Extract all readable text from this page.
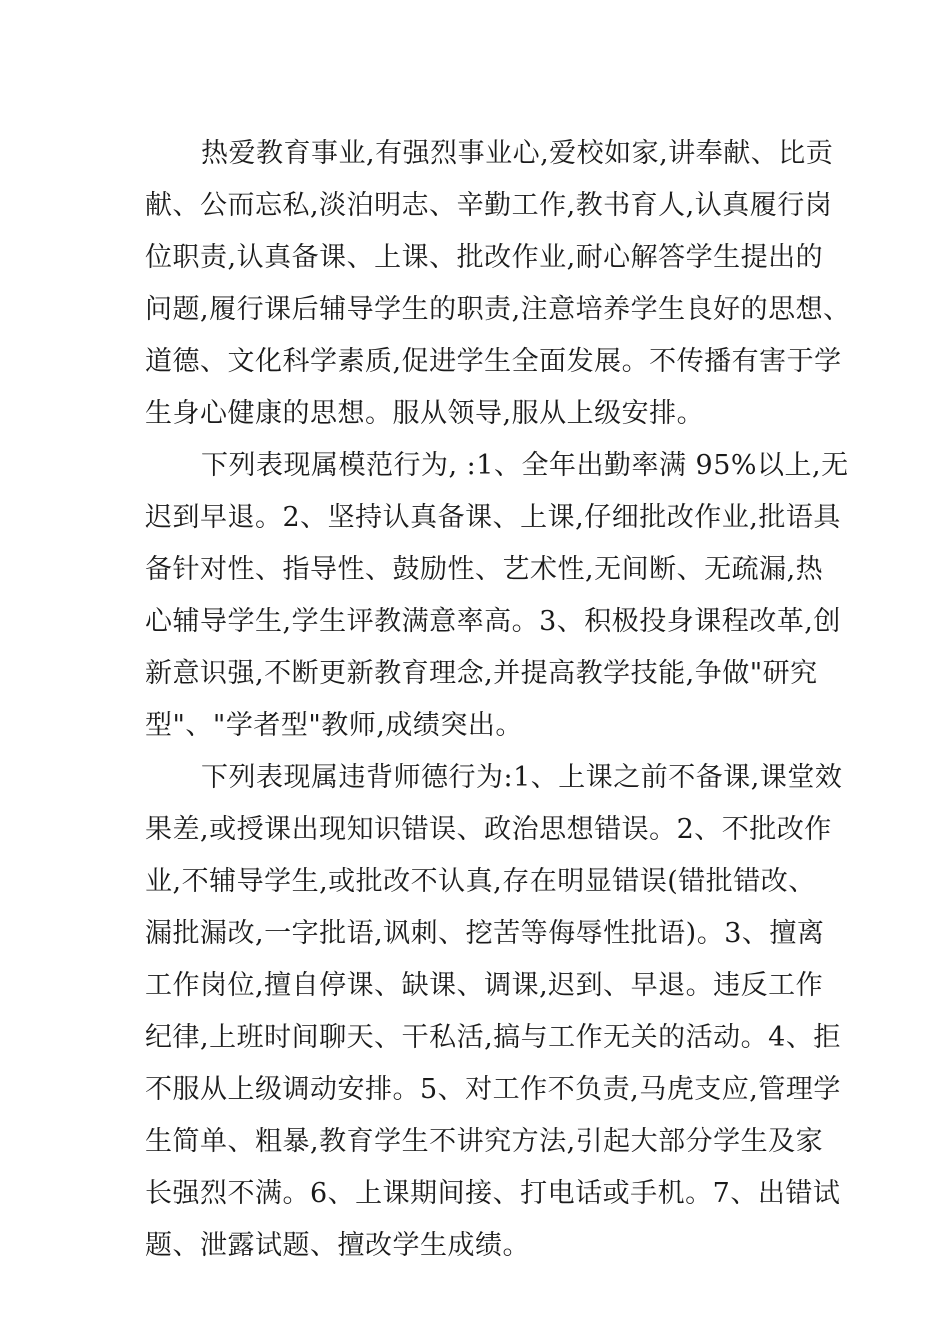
热爱教育事业,有强烈事业心,爱校如家,讲奉献、比贡
献、公而忘私,淡泊明志、辛勤工作,教书育人,认真履行岗
位职责,认真备课、上课、批改作业,耐心解答学生提出的
问题,履行课后辅导学生的职责,注意培养学生良好的思想、
道德、文化科学素质,促进学生全面发展。不传播有害于学
生身心健康的思想。服从领导,服从上级安排。
下列表现属模范行为, :1、全年出勤率满 95%以上,无
迟到早退。2、坚持认真备课、上课,仔细批改作业,批语具
备针对性、指导性、鼓励性、艺术性,无间断、无疏漏,热
心辅导学生,学生评教满意率高。3、积极投身课程改革,创
新意识强,不断更新教育理念,并提高教学技能,争做"研究
型"、"学者型"教师,成绩突出。
下列表现属违背师德行为:1、上课之前不备课,课堂效
果差,或授课出现知识错误、政治思想错误。2、不批改作
业,不辅导学生,或批改不认真,存在明显错误(错批错改、
漏批漏改,一字批语,讽刺、挖苦等侮辱性批语)。3、擅离
工作岗位,擅自停课、缺课、调课,迟到、早退。违反工作
纪律,上班时间聊天、干私活,搞与工作无关的活动。4、拒
不服从上级调动安排。5、对工作不负责,马虎支应,管理学
生简单、粗暴,教育学生不讲究方法,引起大部分学生及家
长强烈不满。6、上课期间接、打电话或手机。7、出错试
题、泄露试题、擅改学生成绩。
